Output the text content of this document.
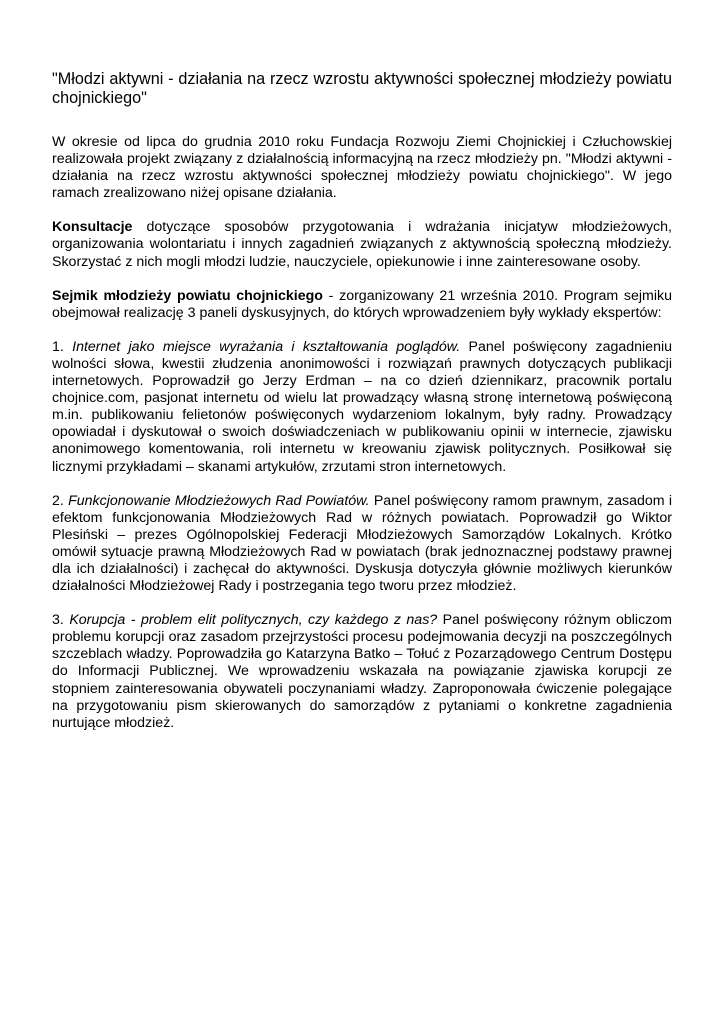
"Młodzi aktywni - działania na rzecz wzrostu aktywności społecznej młodzieży powiatu chojnickiego"

W okresie od lipca do grudnia 2010 roku Fundacja Rozwoju Ziemi Chojnickiej i Człuchowskiej realizowała projekt związany z działalnością informacyjną na rzecz młodzieży pn. "Młodzi aktywni - działania na rzecz wzrostu aktywności społecznej młodzieży powiatu chojnickiego". W jego ramach zrealizowano niżej opisane działania.

Konsultacje dotyczące sposobów przygotowania i wdrażania inicjatyw młodzieżowych, organizowania wolontariatu i innych zagadnień związanych z aktywnością społeczną młodzieży. Skorzystać z nich mogli młodzi ludzie, nauczyciele, opiekunowie i inne zainteresowane osoby.

Sejmik młodzieży powiatu chojnickiego - zorganizowany 21 września 2010. Program sejmiku obejmował realizację 3 paneli dyskusyjnych, do których wprowadzeniem były wykłady ekspertów:

1. Internet jako miejsce wyrażania i kształtowania poglądów. Panel poświęcony zagadnieniu wolności słowa, kwestii złudzenia anonimowości i rozwiązań prawnych dotyczących publikacji internetowych. Poprowadził go Jerzy Erdman – na co dzień dziennikarz, pracownik portalu chojnice.com, pasjonat internetu od wielu lat prowadzący własną stronę internetową poświęconą m.in. publikowaniu felietonów poświęconych wydarzeniom lokalnym, były radny. Prowadzący opowiadał i dyskutował o swoich doświadczeniach w publikowaniu opinii w internecie, zjawisku anonimowego komentowania, roli internetu w kreowaniu zjawisk politycznych. Posiłkował się licznymi przykładami – skanami artykułów, zrzutami stron internetowych.

2. Funkcjonowanie Młodzieżowych Rad Powiatów. Panel poświęcony ramom prawnym, zasadom i efektom funkcjonowania Młodzieżowych Rad w różnych powiatach. Poprowadził go Wiktor Plesiński – prezes Ogólnopolskiej Federacji Młodzieżowych Samorządów Lokalnych. Krótko omówił sytuacje prawną Młodzieżowych Rad w powiatach (brak jednoznacznej podstawy prawnej dla ich działalności) i zachęcał do aktywności. Dyskusja dotyczyła głównie możliwych kierunków działalności Młodzieżowej Rady i postrzegania tego tworu przez młodzież.

3. Korupcja - problem elit politycznych, czy każdego z nas? Panel poświęcony różnym obliczom problemu korupcji oraz zasadom przejrzystości procesu podejmowania decyzji na poszczególnych szczeblach władzy. Poprowadziła go Katarzyna Batko – Tołuć z Pozarządowego Centrum Dostępu do Informacji Publicznej. We wprowadzeniu wskazała na powiązanie zjawiska korupcji ze stopniem zainteresowania obywateli poczynaniami władzy. Zaproponowała ćwiczenie polegające na przygotowaniu pism skierowanych do samorządów z pytaniami o konkretne zagadnienia nurtujące młodzież.
